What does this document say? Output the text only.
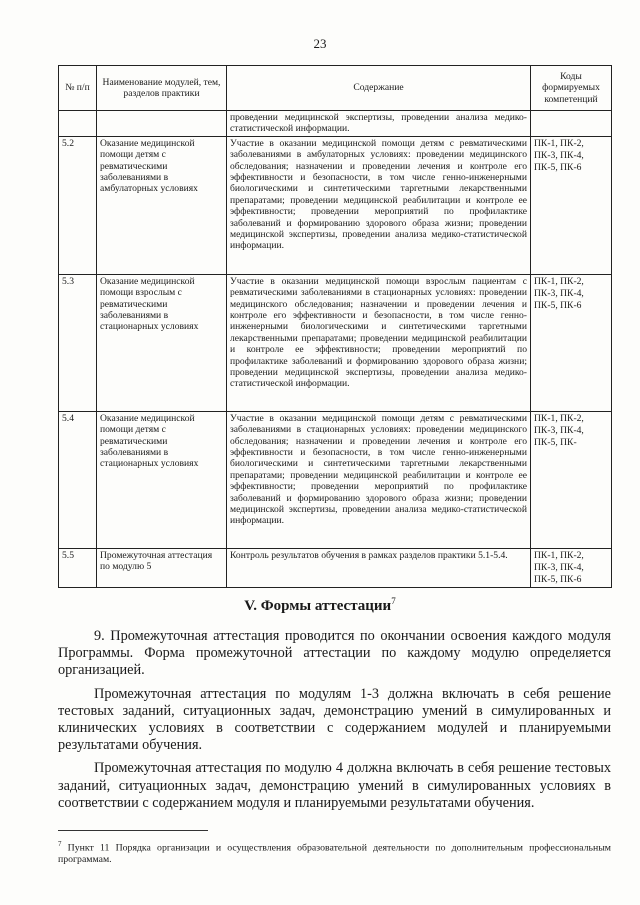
23
№ п/п	Наименование модулей, тем, разделов практики	Содержание	Коды формируемых компетенций
		проведении медицинской экспертизы, проведении анализа медико-статистической информации.	
5.2	Оказание медицинской помощи детям с ревматическими заболеваниями в амбулаторных условиях	Участие в оказании медицинской помощи детям с ревматическими заболеваниями в амбулаторных условиях: проведении медицинского обследования; назначении и проведении лечения и контроле его эффективности и безопасности, в том числе генно-инженерными биологическими и синтетическими таргетными лекарственными препаратами; проведении медицинской реабилитации и контроле ее эффективности; проведении мероприятий по профилактике заболеваний и формированию здорового образа жизни; проведении медицинской экспертизы, проведении анализа медико-статистической информации.	ПК-1, ПК-2, ПК-3, ПК-4, ПК-5, ПК-6
5.3	Оказание медицинской помощи взрослым с ревматическими заболеваниями в стационарных условиях	Участие в оказании медицинской помощи взрослым пациентам с ревматическими заболеваниями в стационарных условиях: проведении медицинского обследования; назначении и проведении лечения и контроле его эффективности и безопасности, в том числе генно-инженерными биологическими и синтетическими таргетными лекарственными препаратами; проведении медицинской реабилитации и контроле ее эффективности; проведении мероприятий по профилактике заболеваний и формированию здорового образа жизни; проведении медицинской экспертизы, проведении анализа медико-статистической информации.	ПК-1, ПК-2, ПК-3, ПК-4, ПК-5, ПК-6
5.4	Оказание медицинской помощи детям с ревматическими заболеваниями в стационарных условиях	Участие в оказании медицинской помощи детям с ревматическими заболеваниями в стационарных условиях: проведении медицинского обследования; назначении и проведении лечения и контроле его эффективности и безопасности, в том числе генно-инженерными биологическими и синтетическими таргетными лекарственными препаратами; проведении медицинской реабилитации и контроле ее эффективности; проведении мероприятий по профилактике заболеваний и формированию здорового образа жизни; проведении медицинской экспертизы, проведении анализа медико-статистической информации.	ПК-1, ПК-2, ПК-3, ПК-4, ПК-5, ПК-
5.5	Промежуточная аттестация по модулю 5	Контроль результатов обучения в рамках разделов практики 5.1-5.4.	ПК-1, ПК-2, ПК-3, ПК-4, ПК-5, ПК-6
V. Формы аттестации$^7$

9. Промежуточная аттестация проводится по окончании освоения каждого модуля Программы. Форма промежуточной аттестации по каждому модулю определяется организацией.

Промежуточная аттестация по модулям 1-3 должна включать в себя решение тестовых заданий, ситуационных задач, демонстрацию умений в симулированных и клинических условиях в соответствии с содержанием модулей и планируемыми результатами обучения.

Промежуточная аттестация по модулю 4 должна включать в себя решение тестовых заданий, ситуационных задач, демонстрацию умений в симулированных условиях в соответствии с содержанием модуля и планируемыми результатами обучения.

$^7$ Пункт 11 Порядка организации и осуществления образовательной деятельности по дополнительным профессиональным программам.
